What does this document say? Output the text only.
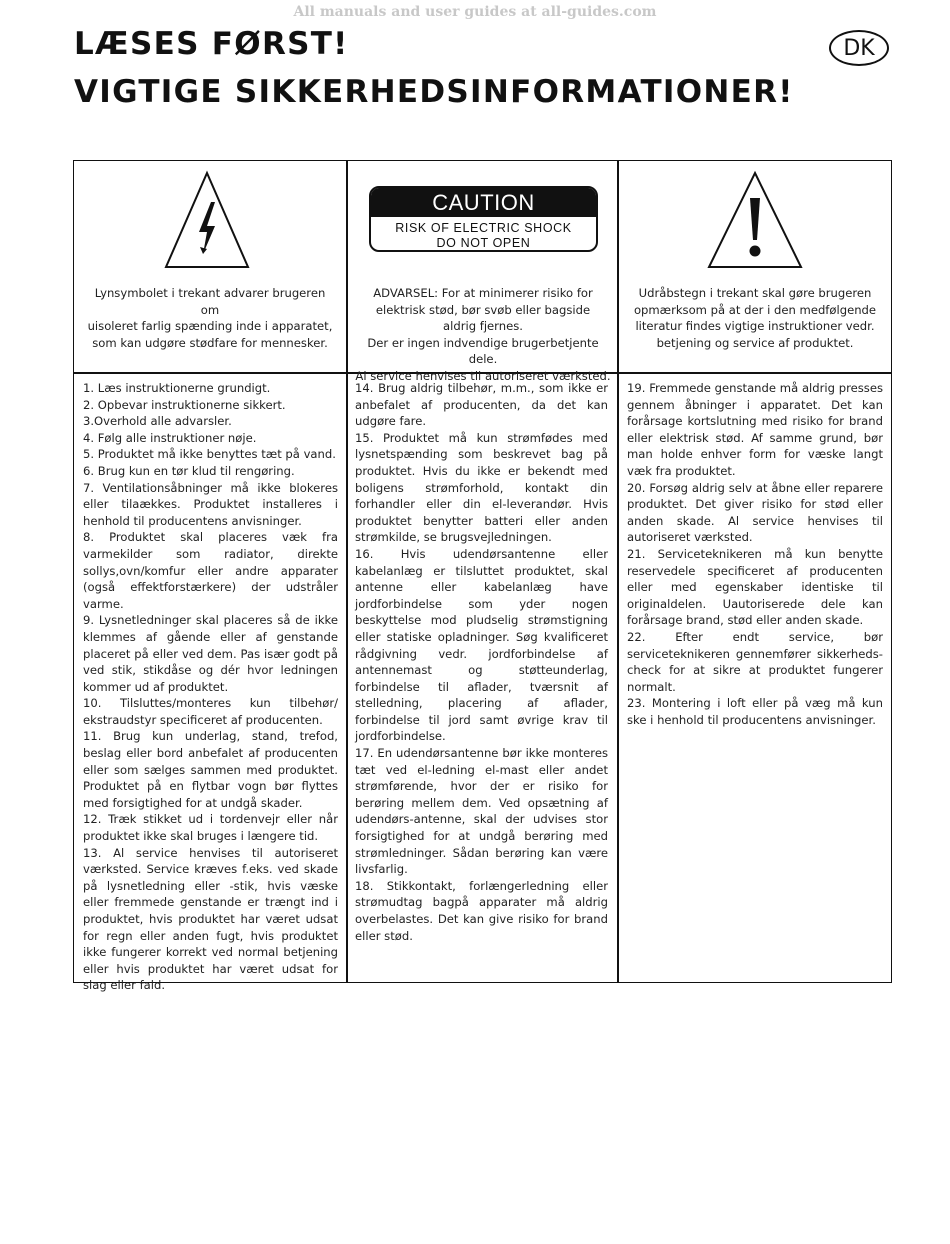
All manuals and user guides at all-guides.com
LÆSES FØRST!
VIGTIGE SIKKERHEDSINFORMATIONER!
DK
Lynsymbolet i trekant advarer brugeren om
uisoleret farlig spænding inde i apparatet,
som kan udgøre stødfare for mennesker.
CAUTION
RISK OF ELECTRIC SHOCK
DO NOT OPEN
ADVARSEL: For at minimerer risiko for
elektrisk stød, bør svøb eller bagside
aldrig fjernes.
Der er ingen indvendige brugerbetjente dele.
Al service henvises til autoriseret værksted.
Udråbstegn i trekant skal gøre brugeren
opmærksom på at der i den medfølgende
literatur findes vigtige instruktioner vedr.
betjening og service af produktet.

1. Læs instruktionerne grundigt.

2. Opbevar instruktionerne sikkert.

3.Overhold alle advarsler.

4. Følg alle instruktioner nøje.

5. Produktet må ikke benyttes tæt på vand.

6. Brug kun en tør klud til rengøring.

7. Ventilationsåbninger må ikke blokeres eller tilaækkes. Produktet installeres i henhold til producentens anvisninger.

8. Produktet skal placeres væk fra varmekilder som radiator, direkte sollys,ovn/komfur eller andre apparater (også effektforstærkere) der udstråler varme.

9. Lysnetledninger skal placeres så de ikke klemmes af gående eller af genstande placeret på eller ved dem. Pas især godt på ved stik, stikdåse og dér hvor ledningen kommer ud af produktet.

10. Tilsluttes/monteres kun tilbehør/ ekstraudstyr specificeret af producenten.

11. Brug kun underlag, stand, trefod, beslag eller bord anbefalet af producenten eller som sælges sammen med produktet. Produktet på en flytbar vogn bør flyttes med forsigtighed for at undgå skader.

12. Træk stikket ud i tordenvejr eller når produktet ikke skal bruges i længere tid.

13. Al service henvises til autoriseret værksted. Service kræves f.eks. ved skade på lysnetledning eller -stik, hvis væske eller fremmede genstande er trængt ind i produktet, hvis produktet har været udsat for regn eller anden fugt, hvis produktet ikke fungerer korrekt ved normal betjening eller hvis produktet har været udsat for slag eller fald.

14. Brug aldrig tilbehør, m.m., som ikke er anbefalet af producenten, da det kan udgøre fare.

15. Produktet må kun strømfødes med lysnetspænding som beskrevet bag på produktet. Hvis du ikke er bekendt med boligens strømforhold, kontakt din forhandler eller din el-leverandør. Hvis produktet benytter batteri eller anden strømkilde, se brugsvejledningen.

16. Hvis udendørsantenne eller kabelanlæg er tilsluttet produktet, skal antenne eller kabelanlæg have jordforbindelse som yder nogen beskyttelse mod pludselig strømstigning eller statiske opladninger. Søg kvalificeret rådgivning vedr. jordforbindelse af antennemast og støtteunderlag, forbindelse til aflader, tværsnit af stelledning, placering af aflader, forbindelse til jord samt øvrige krav til jordforbindelse.

17. En udendørsantenne bør ikke monteres tæt ved el-ledning el-mast eller andet strømførende, hvor der er risiko for berøring mellem dem. Ved opsætning af udendørs-antenne, skal der udvises stor forsigtighed for at undgå berøring med strømledninger. Sådan berøring kan være livsfarlig.

18. Stikkontakt, forlængerledning eller strømudtag bagpå apparater må aldrig overbelastes. Det kan give risiko for brand eller stød.

19. Fremmede genstande må aldrig presses gennem åbninger i apparatet. Det kan forårsage kortslutning med risiko for brand eller elektrisk stød. Af samme grund, bør man holde enhver form for væske langt væk fra produktet.

20. Forsøg aldrig selv at åbne eller reparere produktet. Det giver risiko for stød eller anden skade. Al service henvises til autoriseret værksted.

21. Serviceteknikeren må kun benytte reservedele specificeret af producenten eller med egenskaber identiske til originaldelen. Uautoriserede dele kan forårsage brand, stød eller anden skade.

22. Efter endt service, bør serviceteknikeren gennemfører sikkerheds-check for at sikre at produktet fungerer normalt.

23. Montering i loft eller på væg må kun ske i henhold til producentens anvisninger.
